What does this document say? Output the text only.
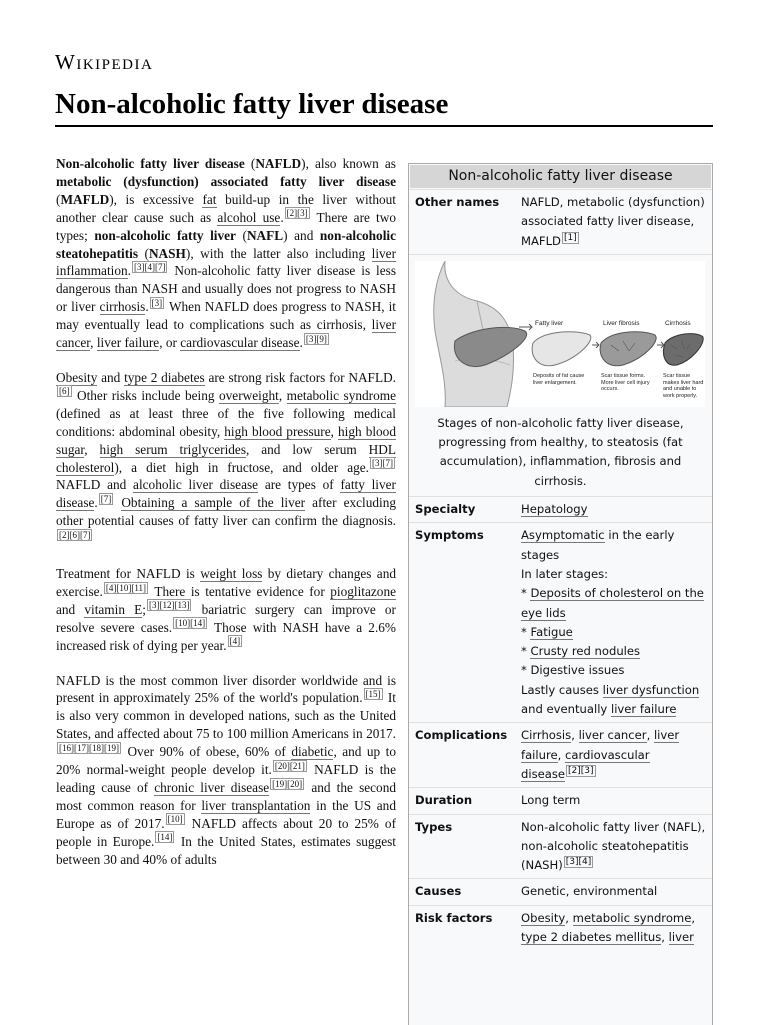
Wikipedia
Non-alcoholic fatty liver disease

Non-alcoholic fatty liver disease (NAFLD), also known as metabolic (dysfunction) associated fatty liver disease (MAFLD), is excessive fat build-up in the liver without another clear cause such as alcohol use. [2][3] There are two types; non-alcoholic fatty liver (NAFL) and non-alcoholic steatohepatitis (NASH), with the latter also including liver inflammation. [3][4][7] Non-alcoholic fatty liver disease is less dangerous than NASH and usually does not progress to NASH or liver cirrhosis. [3] When NAFLD does progress to NASH, it may eventually lead to complications such as cirrhosis, liver cancer, liver failure, or cardiovascular disease. [3][9]

Obesity and type 2 diabetes are strong risk factors for NAFLD.[6] Other risks include being overweight, metabolic syndrome (defined as at least three of the five following medical conditions: abdominal obesity, high blood pressure, high blood sugar, high serum triglycerides, and low serum HDL cholesterol), a diet high in fructose, and older age. [3][7] NAFLD and alcoholic liver disease are types of fatty liver disease. [7] Obtaining a sample of the liver after excluding other potential causes of fatty liver can confirm the diagnosis.[2][6][7]

Treatment for NAFLD is weight loss by dietary changes and exercise. [4][10][11] There is tentative evidence for pioglitazone and vitamin E; [3][12][13] bariatric surgery can improve or resolve severe cases. [10][14] Those with NASH have a 2.6% increased risk of dying per year. [4]

NAFLD is the most common liver disorder worldwide and is present in approximately 25% of the world's population. [15] It is also very common in developed nations, such as the United States, and affected about 75 to 100 million Americans in 2017.[16][17][18][19] Over 90% of obese, 60% of diabetic, and up to 20% normal-weight people develop it. [20][21] NAFLD is the leading cause of chronic liver disease [19][20] and the second most common reason for liver transplantation in the US and Europe as of 2017. [10] NAFLD affects about 20 to 25% of people in Europe. [14] In the United States, estimates suggest between 30 and 40% of adults

Non-alcoholic fatty liver disease
Other names	NAFLD, metabolic (dysfunction) associated fatty liver disease, MAFLD [1]
Fatty liver	Liver fibrosis	Cirrhosis
Deposits of fat cause liver enlargement.
Scar tissue forms. More liver cell injury occurs.
Scar tissue makes liver hard and unable to work properly.
Stages of non-alcoholic fatty liver disease, progressing from healthy, to steatosis (fat accumulation), inflammation, fibrosis and cirrhosis.
Specialty	Hepatology
Symptoms	Asymptomatic in the early stages
In later stages:
* Deposits of cholesterol on the eye lids
* Fatigue
* Crusty red nodules
* Digestive issues
Lastly causes liver dysfunction and eventually liver failure
Complications	Cirrhosis, liver cancer, liver failure, cardiovascular disease [2][3]
Duration	Long term
Types	Non-alcoholic fatty liver (NAFL),
non-alcoholic steatohepatitis (NASH) [3][4]
Causes	Genetic, environmental
Risk factors	Obesity, metabolic syndrome, type 2 diabetes mellitus, liver
